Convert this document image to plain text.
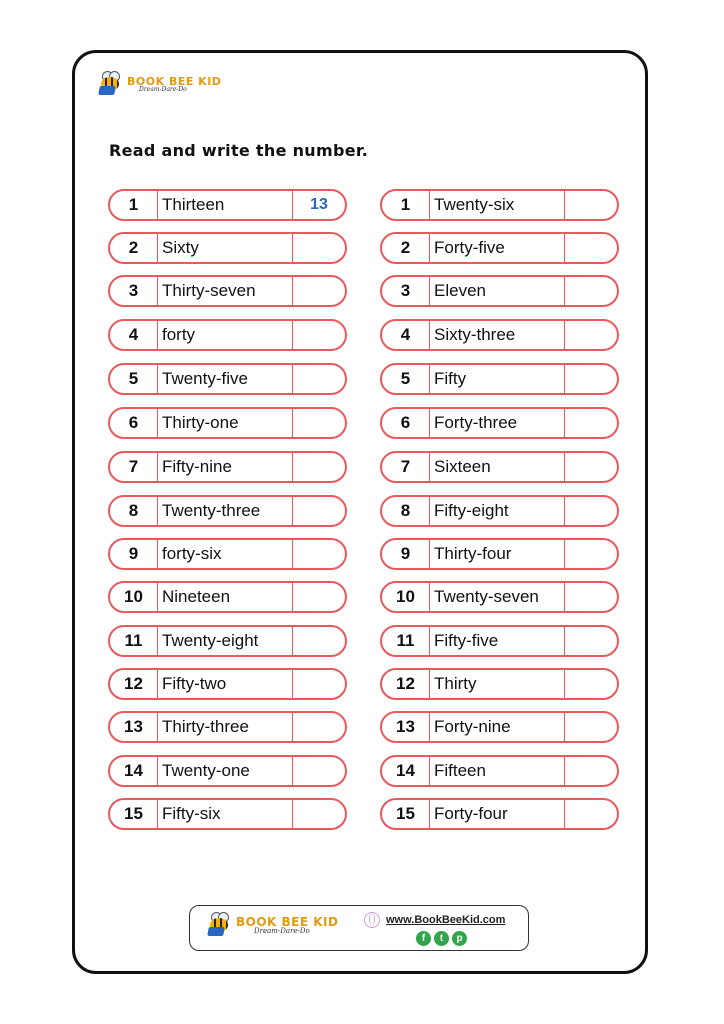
BOOK BEE KID
Dream-Dare-Do
Read and write the number.
1	Thirteen	13
2	Sixty
3	Thirty-seven
4	forty
5	Twenty-five
6	Thirty-one
7	Fifty-nine
8	Twenty-three
9	forty-six
10	Nineteen
11	Twenty-eight
12	Fifty-two
13	Thirty-three
14	Twenty-one
15	Fifty-six
1	Twenty-six
2	Forty-five
3	Eleven
4	Sixty-three
5	Fifty
6	Forty-three
7	Sixteen
8	Fifty-eight
9	Thirty-four
10	Twenty-seven
11	Fifty-five
12	Thirty
13	Forty-nine
14	Fifteen
15	Forty-four
BOOK BEE KID
Dream-Dare-Do
www.BookBeeKid.com
f	t	p
